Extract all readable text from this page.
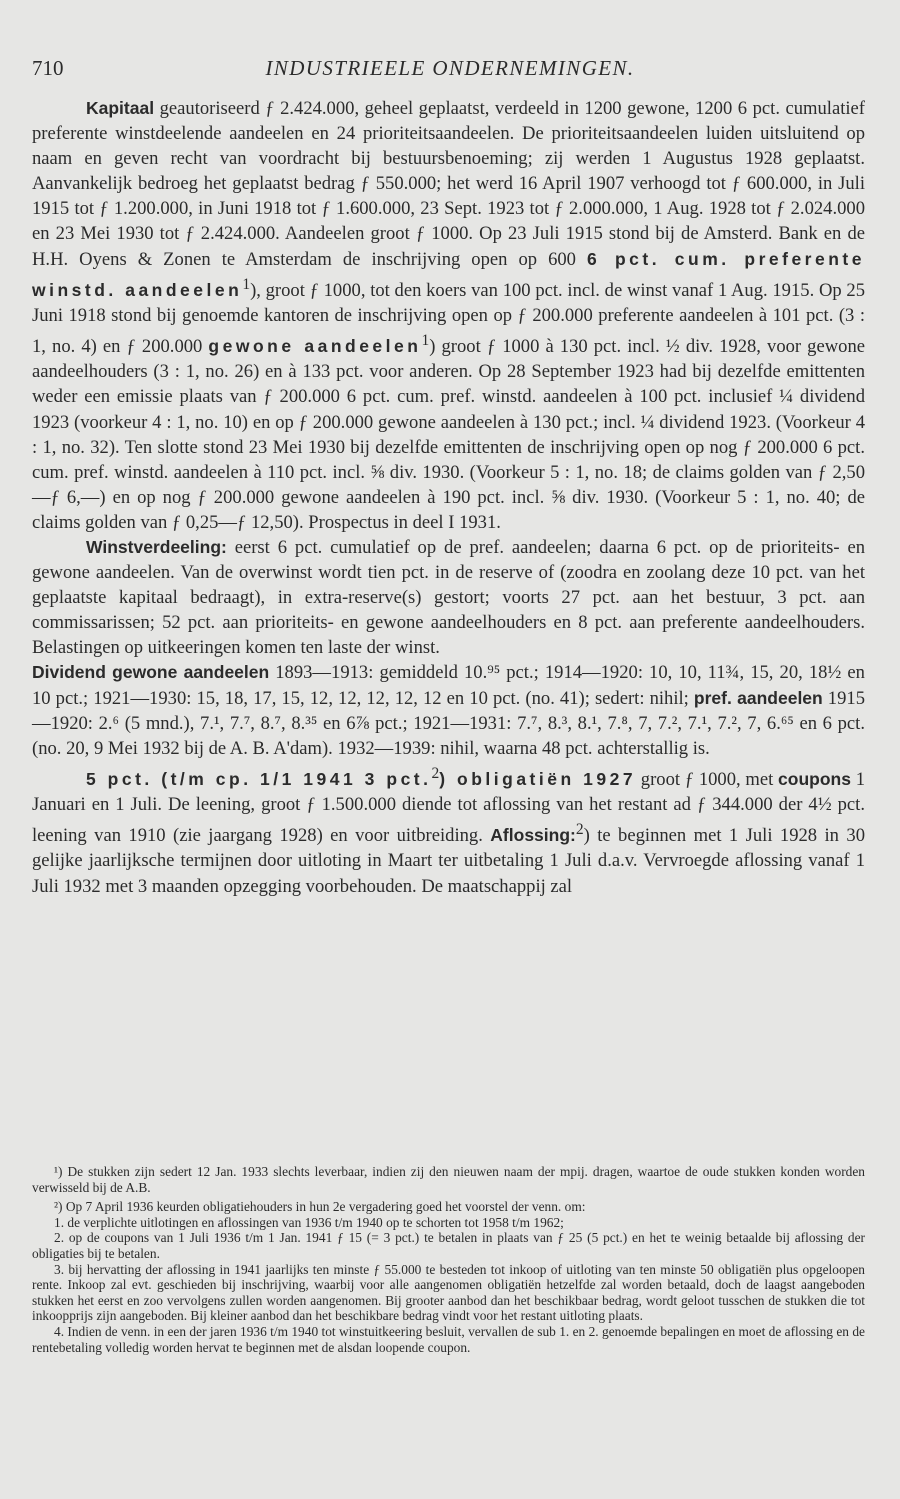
710	INDUSTRIEELE ONDERNEMINGEN.

Kapitaal geautoriseerd ƒ 2.424.000, geheel geplaatst, verdeeld in 1200 gewone, 1200 6 pct. cumulatief preferente winstdeelende aandeelen en 24 prioriteitsaandeelen. De prioriteitsaandeelen luiden uitsluitend op naam en geven recht van voordracht bij bestuursbenoeming; zij werden 1 Augustus 1928 geplaatst. Aanvankelijk bedroeg het geplaatst bedrag ƒ 550.000; het werd 16 April 1907 verhoogd tot ƒ 600.000, in Juli 1915 tot ƒ 1.200.000, in Juni 1918 tot ƒ 1.600.000, 23 Sept. 1923 tot ƒ 2.000.000, 1 Aug. 1928 tot ƒ 2.024.000 en 23 Mei 1930 tot ƒ 2.424.000. Aandeelen groot ƒ 1000. Op 23 Juli 1915 stond bij de Amsterd. Bank en de H.H. Oyens & Zonen te Amsterdam de inschrijving open op 600 6 pct. cum. preferente winstd. aandeelen$^1$), groot ƒ 1000, tot den koers van 100 pct. incl. de winst vanaf 1 Aug. 1915. Op 25 Juni 1918 stond bij genoemde kantoren de inschrijving open op ƒ 200.000 preferente aandeelen à 101 pct. (3 : 1, no. 4) en ƒ 200.000 gewone aandeelen$^1$) groot ƒ 1000 à 130 pct. incl. ½ div. 1928, voor gewone aandeelhouders (3 : 1, no. 26) en à 133 pct. voor anderen. Op 28 September 1923 had bij dezelfde emittenten weder een emissie plaats van ƒ 200.000 6 pct. cum. pref. winstd. aandeelen à 100 pct. inclusief ¼ dividend 1923 (voorkeur 4 : 1, no. 10) en op ƒ 200.000 gewone aandeelen à 130 pct.; incl. ¼ dividend 1923. (Voorkeur 4 : 1, no. 32). Ten slotte stond 23 Mei 1930 bij dezelfde emittenten de inschrijving open op nog ƒ 200.000 6 pct. cum. pref. winstd. aandeelen à 110 pct. incl. ⅝ div. 1930. (Voorkeur 5 : 1, no. 18; de claims golden van ƒ 2,50—ƒ 6,—) en op nog ƒ 200.000 gewone aandeelen à 190 pct. incl. ⅝ div. 1930. (Voorkeur 5 : 1, no. 40; de claims golden van ƒ 0,25—ƒ 12,50). Prospectus in deel I 1931.

Winstverdeeling: eerst 6 pct. cumulatief op de pref. aandeelen; daarna 6 pct. op de prioriteits- en gewone aandeelen. Van de overwinst wordt tien pct. in de reserve of (zoodra en zoolang deze 10 pct. van het geplaatste kapitaal bedraagt), in extra-reserve(s) gestort; voorts 27 pct. aan het bestuur, 3 pct. aan commissarissen; 52 pct. aan prioriteits- en gewone aandeelhouders en 8 pct. aan preferente aandeelhouders. Belastingen op uitkeeringen komen ten laste der winst.

Dividend gewone aandeelen 1893—1913: gemiddeld 10.⁹⁵ pct.; 1914—1920: 10, 10, 11¾, 15, 20, 18½ en 10 pct.; 1921—1930: 15, 18, 17, 15, 12, 12, 12, 12, 12 en 10 pct. (no. 41); sedert: nihil; pref. aandeelen 1915—1920: 2.⁶ (5 mnd.), 7.¹, 7.⁷, 8.⁷, 8.³⁵ en 6⅞ pct.; 1921—1931: 7.⁷, 8.³, 8.¹, 7.⁸, 7, 7.², 7.¹, 7.², 7, 6.⁶⁵ en 6 pct. (no. 20, 9 Mei 1932 bij de A. B. A'dam). 1932—1939: nihil, waarna 48 pct. achterstallig is.

5 pct. (t/m cp. 1/1 1941 3 pct.$^2$) obligatiën 1927 groot ƒ 1000, met coupons 1 Januari en 1 Juli. De leening, groot ƒ 1.500.000 diende tot aflossing van het restant ad ƒ 344.000 der 4½ pct. leening van 1910 (zie jaargang 1928) en voor uitbreiding. Aflossing:$^2$) te beginnen met 1 Juli 1928 in 30 gelijke jaarlijksche termijnen door uitloting in Maart ter uitbetaling 1 Juli d.a.v. Vervroegde aflossing vanaf 1 Juli 1932 met 3 maanden opzegging voorbehouden. De maatschappij zal

¹) De stukken zijn sedert 12 Jan. 1933 slechts leverbaar, indien zij den nieuwen naam der mpij. dragen, waartoe de oude stukken konden worden verwisseld bij de A.B.

²) Op 7 April 1936 keurden obligatiehouders in hun 2e vergadering goed het voorstel der venn. om:

1. de verplichte uitlotingen en aflossingen van 1936 t/m 1940 op te schorten tot 1958 t/m 1962;

2. op de coupons van 1 Juli 1936 t/m 1 Jan. 1941 ƒ 15 (= 3 pct.) te betalen in plaats van ƒ 25 (5 pct.) en het te weinig betaalde bij aflossing der obligaties bij te betalen.

3. bij hervatting der aflossing in 1941 jaarlijks ten minste ƒ 55.000 te besteden tot inkoop of uitloting van ten minste 50 obligatiën plus opgeloopen rente. Inkoop zal evt. geschieden bij inschrijving, waarbij voor alle aangenomen obligatiën hetzelfde zal worden betaald, doch de laagst aangeboden stukken het eerst en zoo vervolgens zullen worden aangenomen. Bij grooter aanbod dan het beschikbaar bedrag, wordt geloot tusschen de stukken die tot inkoopprijs zijn aangeboden. Bij kleiner aanbod dan het beschikbare bedrag vindt voor het restant uitloting plaats.

4. Indien de venn. in een der jaren 1936 t/m 1940 tot winstuitkeering besluit, vervallen de sub 1. en 2. genoemde bepalingen en moet de aflossing en de rentebetaling volledig worden hervat te beginnen met de alsdan loopende coupon.
